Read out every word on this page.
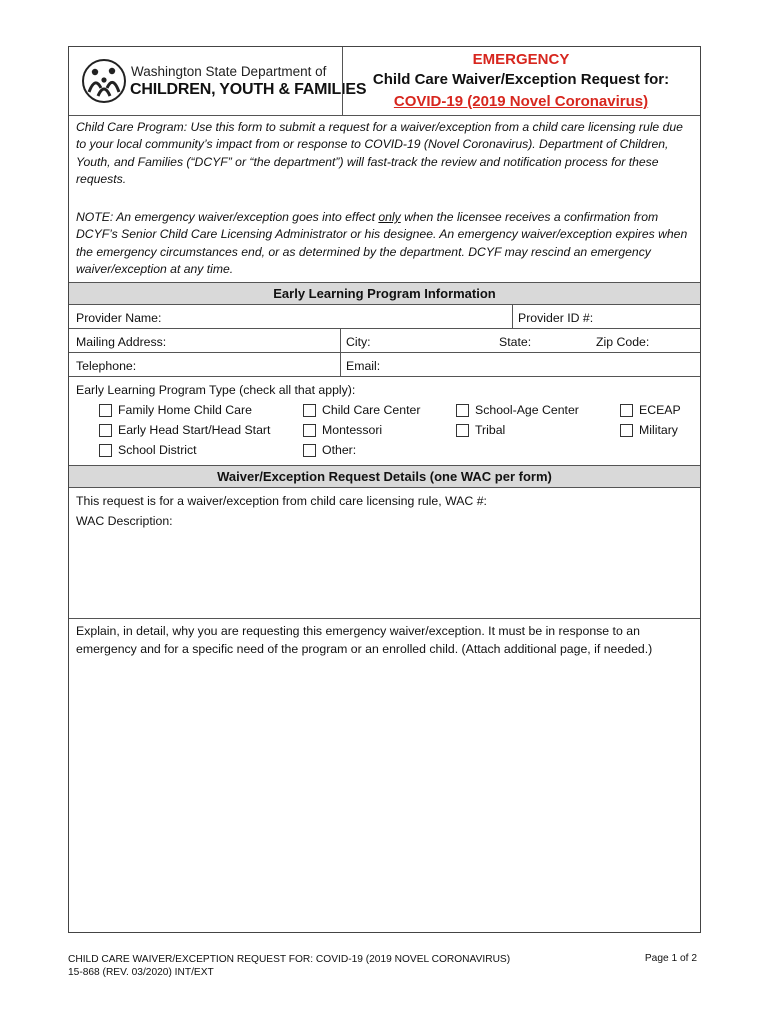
Washington State Department of
CHILDREN, YOUTH & FAMILIES
EMERGENCY
Child Care Waiver/Exception Request for:
COVID-19 (2019 Novel Coronavirus)
Child Care Program: Use this form to submit a request for a waiver/exception from a child care licensing rule due to your local community’s impact from or response to COVID-19 (Novel Coronavirus). Department of Children, Youth, and Families (“DCYF” or “the department”) will fast-track the review and notification process for these requests.
NOTE: An emergency waiver/exception goes into effect only when the licensee receives a confirmation from DCYF’s Senior Child Care Licensing Administrator or his designee. An emergency waiver/exception expires when the emergency circumstances end, or as determined by the department. DCYF may rescind an emergency waiver/exception at any time.
Early Learning Program Information
Provider Name:	Provider ID #:
Mailing Address:	City:	State:	Zip Code:
Telephone:	Email:
Early Learning Program Type (check all that apply):
Family Home Child Care	Child Care Center	School-Age Center	ECEAP
Early Head Start/Head Start	Montessori	Tribal	Military
School District	Other:
Waiver/Exception Request Details (one WAC per form)
This request is for a waiver/exception from child care licensing rule, WAC #:
WAC Description:
Explain, in detail, why you are requesting this emergency waiver/exception. It must be in response to an emergency and for a specific need of the program or an enrolled child. (Attach additional page, if needed.)
CHILD CARE WAIVER/EXCEPTION REQUEST FOR: COVID-19 (2019 NOVEL CORONAVIRUS)
15-868 (REV. 03/2020) INT/EXT
Page 1 of 2
